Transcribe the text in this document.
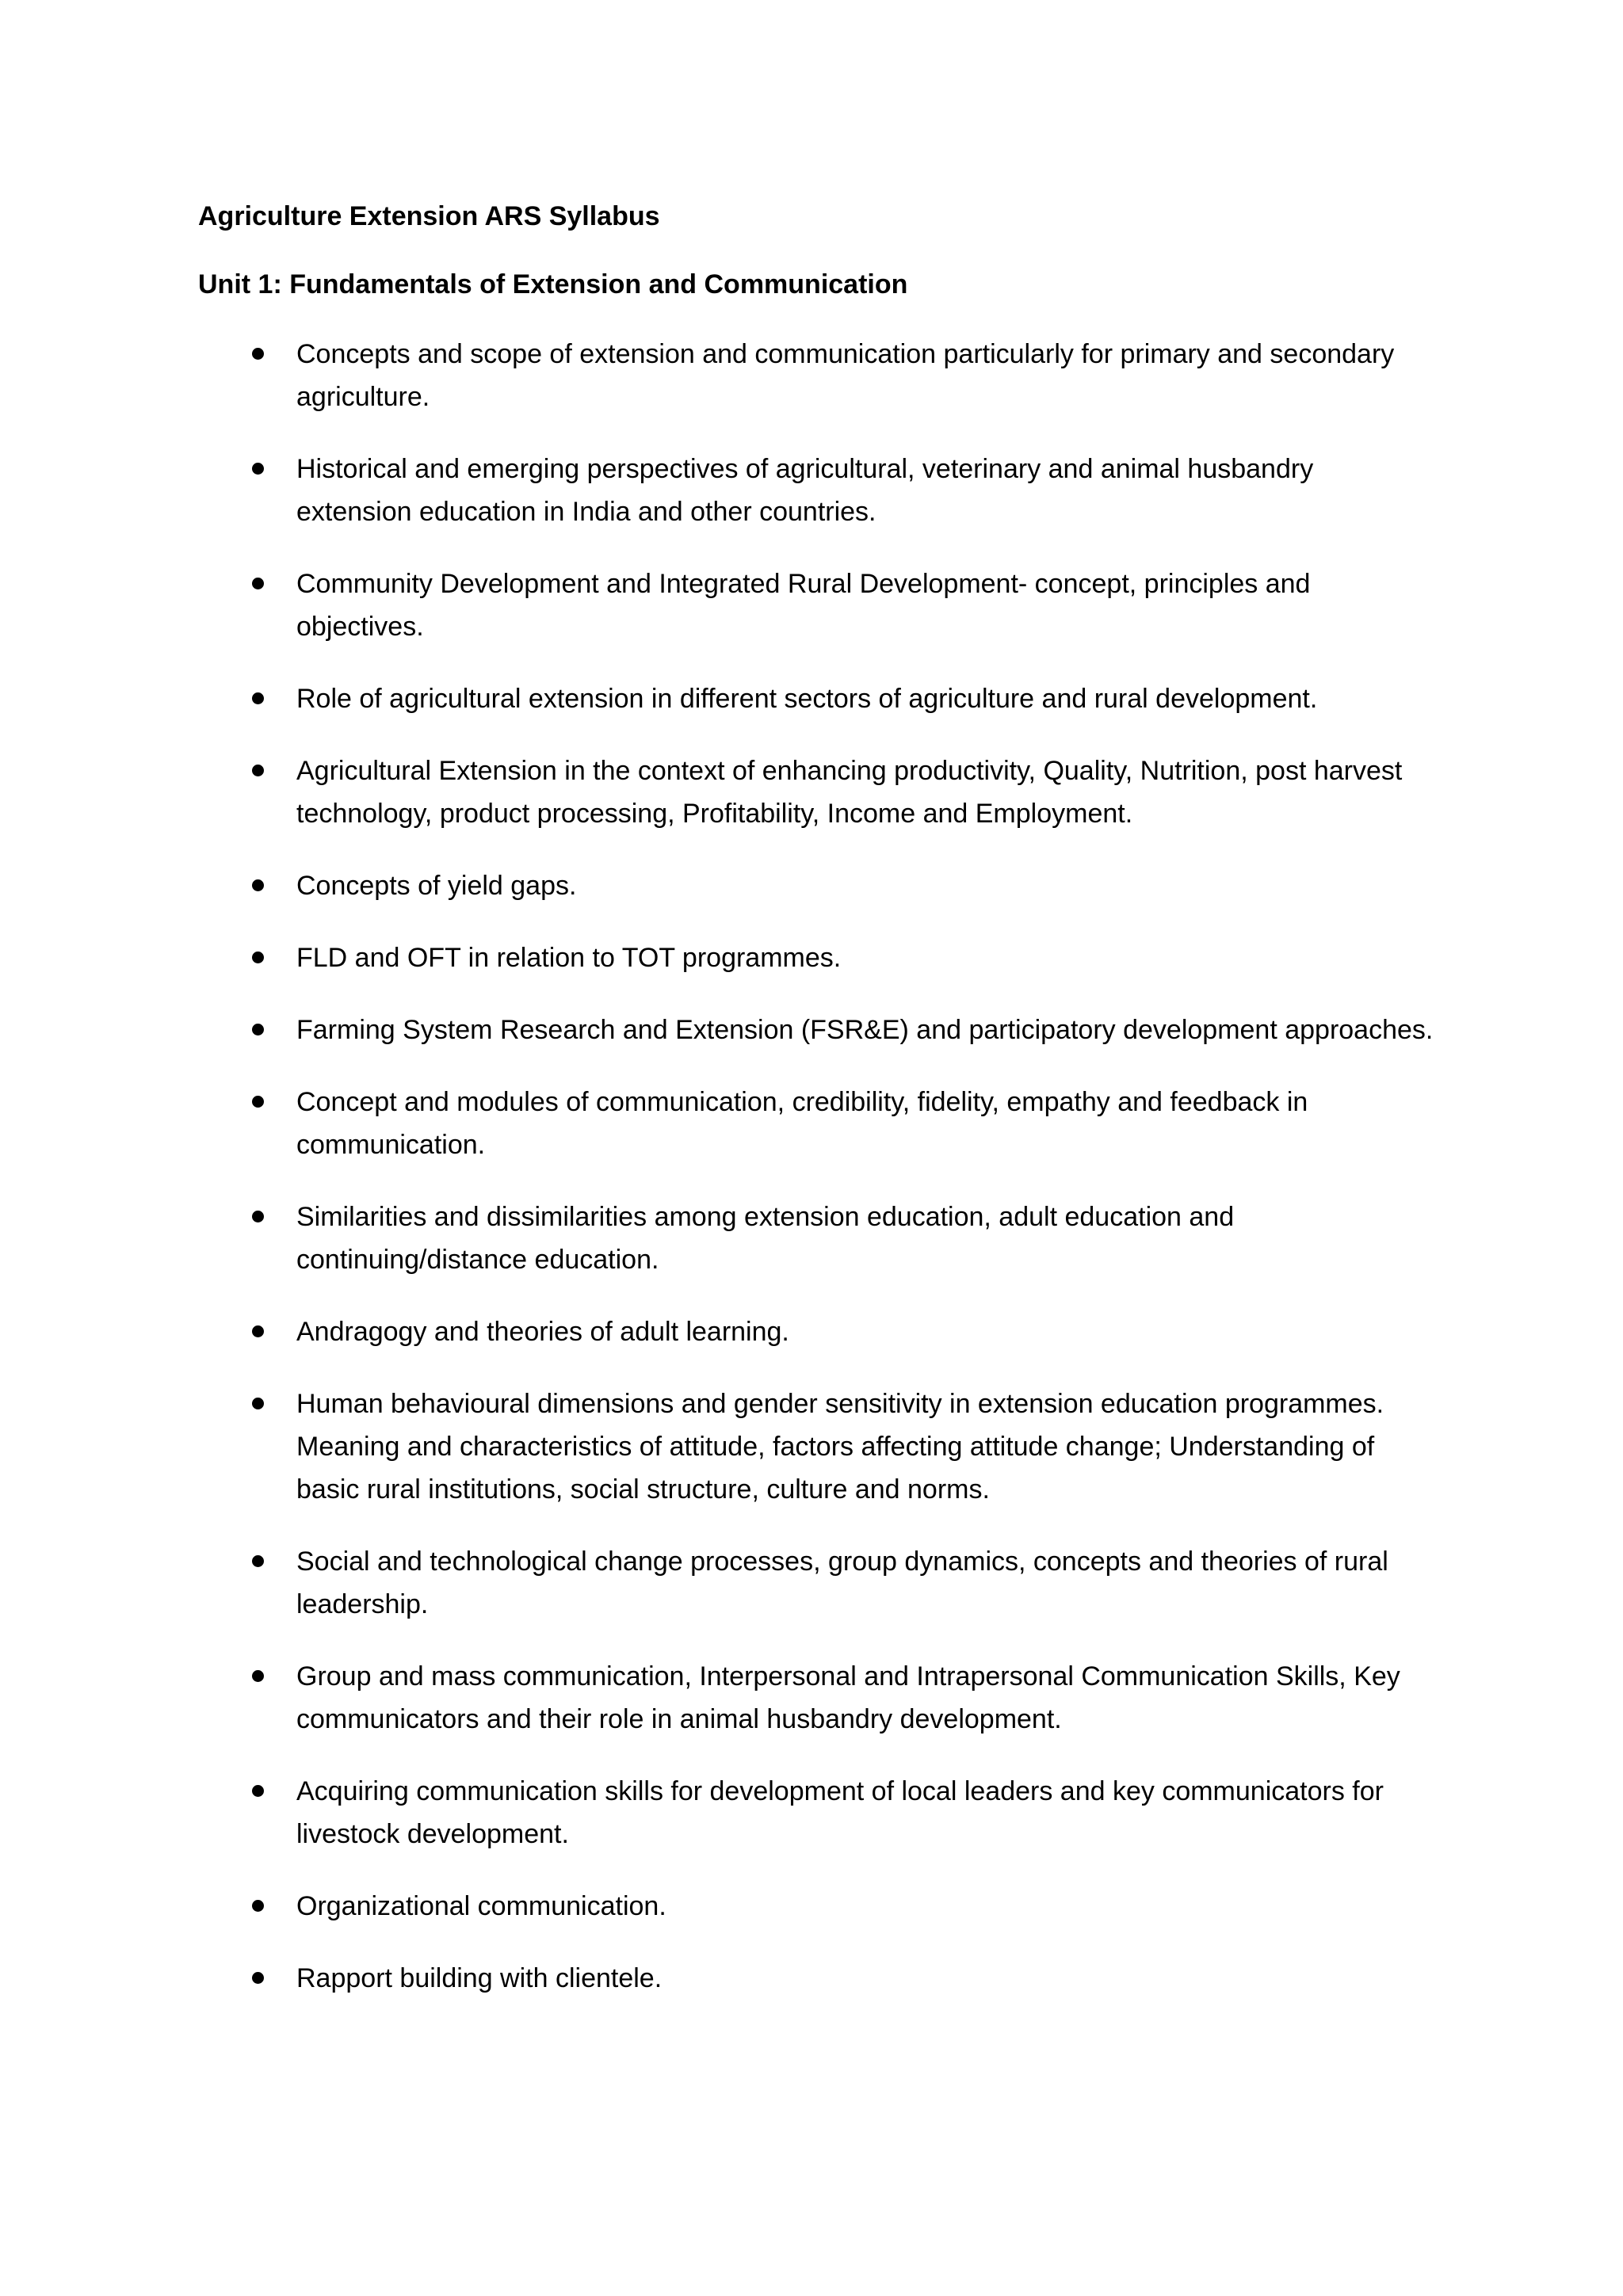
Agriculture Extension ARS Syllabus
Unit 1: Fundamentals of Extension and Communication
Concepts and scope of extension and communication particularly for primary and secondary agriculture.
Historical and emerging perspectives of agricultural, veterinary and animal husbandry extension education in India and other countries.
Community Development and Integrated Rural Development- concept, principles and objectives.
Role of agricultural extension in different sectors of agriculture and rural development.
Agricultural Extension in the context of enhancing productivity, Quality, Nutrition, post harvest technology, product processing, Profitability, Income and Employment.
Concepts of yield gaps.
FLD and OFT in relation to TOT programmes.
Farming System Research and Extension (FSR&E) and participatory development approaches.
Concept and modules of communication, credibility, fidelity, empathy and feedback in communication.
Similarities and dissimilarities among extension education, adult education and continuing/distance education.
Andragogy and theories of adult learning.
Human behavioural dimensions and gender sensitivity in extension education programmes. Meaning and characteristics of attitude, factors affecting attitude change; Understanding of basic rural institutions, social structure, culture and norms.
Social and technological change processes, group dynamics, concepts and theories of rural leadership.
Group and mass communication, Interpersonal and Intrapersonal Communication Skills, Key communicators and their role in animal husbandry development.
Acquiring communication skills for development of local leaders and key communicators for livestock development.
Organizational communication.
Rapport building with clientele.
